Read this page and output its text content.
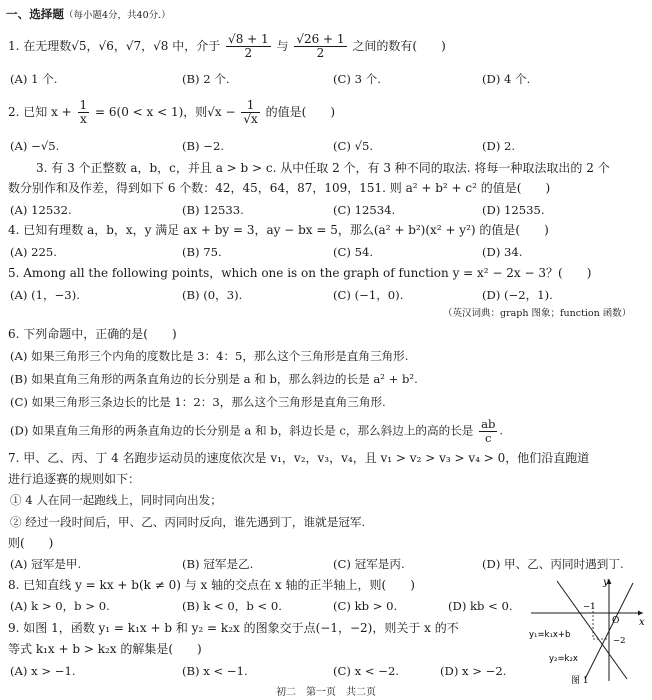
一、选择题（每小题4分，共40分.）
1. 在无理数√5，√6，√7，√8 中，介于 $\frac{√8 + 1}{2}$ 与 $\frac{√26 + 1}{2}$ 之间的数有(　　)
(A) 1 个.	(B) 2 个.	(C) 3 个.	(D) 4 个.
2. 已知 $x + \frac{1}{x} = 6(0 < x < 1)$，则$√x - \frac{1}{√x}$ 的值是(　　)
(A) −√5.	(B) −2.	(C) √5.	(D) 2.
3. 有 3 个正整数 a，b，c，并且 a > b > c. 从中任取 2 个，有 3 种不同的取法. 将每一种取法取出的 2 个
数分别作和及作差，得到如下 6 个数：42，45，64，87，109，151. 则 a² + b² + c² 的值是(　　)
(A) 12532.	(B) 12533.	(C) 12534.	(D) 12535.
4. 已知有理数 a，b，x，y 满足 ax + by = 3，ay − bx = 5，那么(a² + b²)(x² + y²) 的值是(　　)
(A) 225.	(B) 75.	(C) 54.	(D) 34.
5. Among all the following points，which one is on the graph of function y = x² − 2x − 3？(　　)
(A) (1，−3).	(B) (0，3).	(C) (−1，0).	(D) (−2，1).
（英汉词典：graph 图象；function 函数）
6. 下列命题中，正确的是(　　)
(A) 如果三角形三个内角的度数比是 3：4：5，那么这个三角形是直角三角形.
(B) 如果直角三角形的两条直角边的长分别是 a 和 b，那么斜边的长是 a² + b².
(C) 如果三角形三条边长的比是 1：2：3，那么这个三角形是直角三角形.
(D) 如果直角三角形的两条直角边的长分别是 a 和 b，斜边长是 c，那么斜边上的高的长是 $\frac{ab}{c}$ .
7. 甲、乙、丙、丁 4 名跑步运动员的速度依次是 v₁，v₂，v₃，v₄，且 v₁ > v₂ > v₃ > v₄ > 0，他们沿直跑道
进行追逐赛的规则如下：
① 4 人在同一起跑线上，同时同向出发；
② 经过一段时间后，甲、乙、丙同时反向，谁先遇到丁，谁就是冠军.
则(　　)
(A) 冠军是甲.	(B) 冠军是乙.	(C) 冠军是丙.	(D) 甲、乙、丙同时遇到丁.
8. 已知直线 y = kx + b(k ≠ 0) 与 x 轴的交点在 x 轴的正半轴上，则(　　)
(A) k > 0，b > 0.	(B) k < 0，b < 0.	(C) kb > 0.	(D) kb < 0.
9. 如图 1，函数 y₁ = k₁x + b 和 y₂ = k₂x 的图象交于点(−1，−2)，则关于 x 的不
等式 k₁x + b > k₂x 的解集是(　　)
(A) x > −1.	(B) x < −1.	(C) x < −2.	(D) x > −2.
y
x
O
−1
−2
y₁=k₁x+b
y₂=k₂x
图 1
初二　第一页　共二页
